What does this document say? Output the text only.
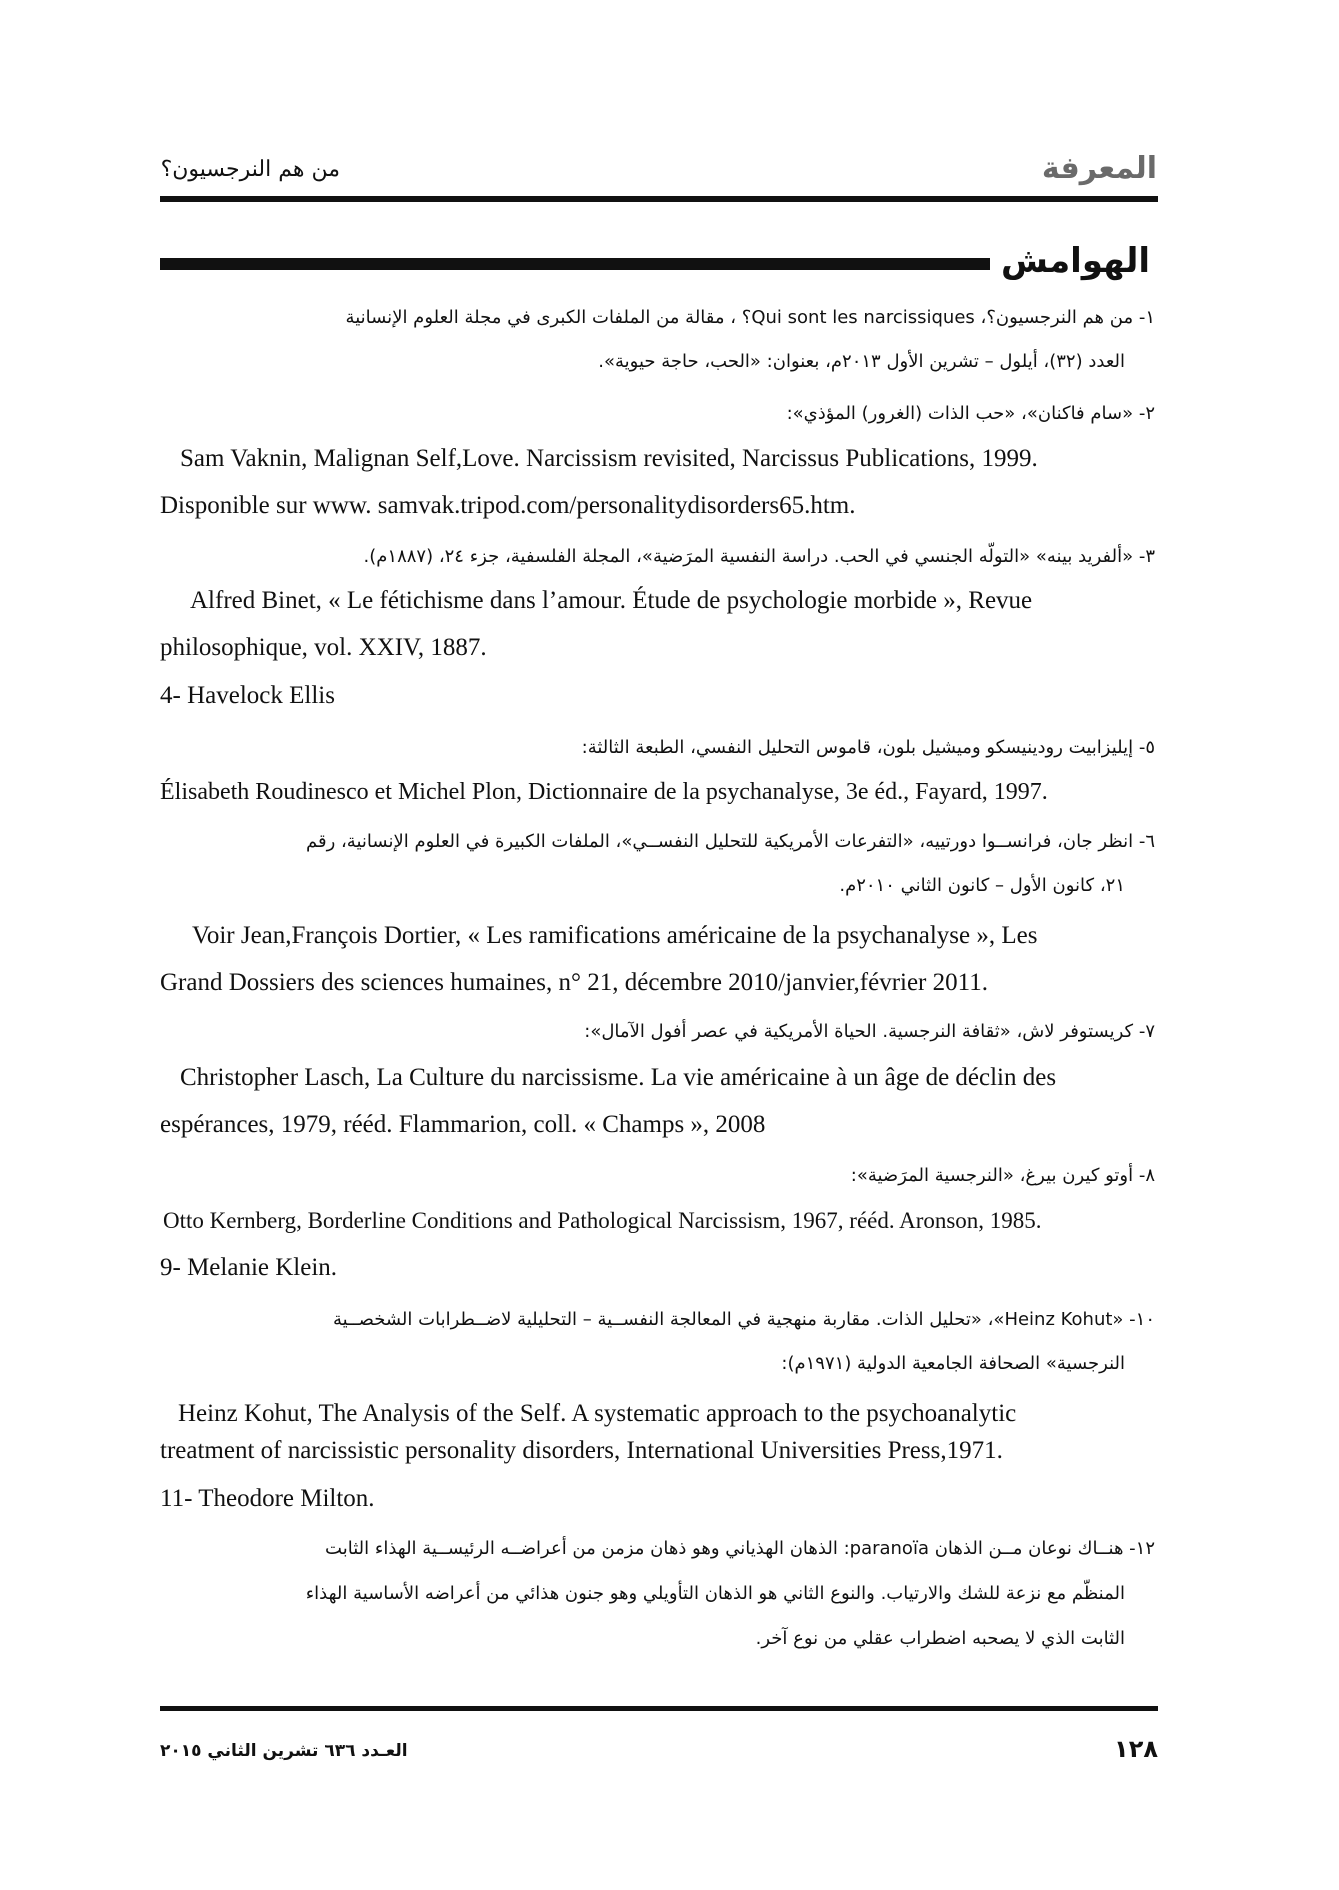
المعرفة
من هم النرجسيون؟
الهوامش
١- من هم النرجسيون؟، Qui sont les narcissiques؟ ، مقالة من الملفات الكبرى في مجلة العلوم الإنسانية
العدد (٣٢)، أيلول – تشرين الأول ٢٠١٣م، بعنوان: «الحب، حاجة حيوية».
٢- «سام فاكنان»، «حب الذات (الغرور) المؤذي»:
Sam Vaknin, Malignan Self,Love. Narcissism revisited, Narcissus Publications, 1999.
Disponible sur www. samvak.tripod.com/personalitydisorders65.htm.
٣- «ألفريد بينه» «التولّه الجنسي في الحب. دراسة النفسية المرَضية»، المجلة الفلسفية، جزء ٢٤، (١٨٨٧م).
Alfred Binet, « Le fétichisme dans l’amour. Étude de psychologie morbide », Revue
philosophique, vol. XXIV, 1887.
4- Havelock Ellis
٥- إيليزابيت رودينيسكو وميشيل بلون، قاموس التحليل النفسي، الطبعة الثالثة:
Élisabeth Roudinesco et Michel Plon, Dictionnaire de la psychanalyse, 3e éd., Fayard, 1997.
٦- انظر جان، فرانســوا دورتييه، «التفرعات الأمريكية للتحليل النفســي»، الملفات الكبيرة في العلوم الإنسانية، رقم
٢١، كانون الأول – كانون الثاني ٢٠١٠م.
Voir Jean,François Dortier, « Les ramifications américaine de la psychanalyse », Les
Grand Dossiers des sciences humaines, n° 21, décembre 2010/janvier,février 2011.
٧- كريستوفر لاش، «ثقافة النرجسية. الحياة الأمريكية في عصر أفول الآمال»:
Christopher Lasch, La Culture du narcissisme. La vie américaine à un âge de déclin des
espérances, 1979, rééd. Flammarion, coll. « Champs », 2008
٨- أوتو كيرن بيرغ، «النرجسية المرَضية»:
Otto Kernberg, Borderline Conditions and Pathological Narcissism, 1967, rééd. Aronson, 1985.
9- Melanie Klein.
١٠- «Heinz Kohut»، «تحليل الذات. مقاربة منهجية في المعالجة النفســية – التحليلية لاضــطرابات الشخصــية
النرجسية» الصحافة الجامعية الدولية (١٩٧١م):
Heinz Kohut, The Analysis of the Self. A systematic approach to the psychoanalytic
treatment of narcissistic personality disorders, International Universities Press,1971.
11- Theodore Milton.
١٢- هنــاك نوعان مــن الذهان paranoïa: الذهان الهذياني وهو ذهان مزمن من أعراضــه الرئيســية الهذاء الثابت
المنظّم مع نزعة للشك والارتياب. والنوع الثاني هو الذهان التأويلي وهو جنون هذائي من أعراضه الأساسية الهذاء
الثابت الذي لا يصحبه اضطراب عقلي من نوع آخر.
العـدد ٦٣٦ تشرين الثاني ٢٠١٥	١٢٨
